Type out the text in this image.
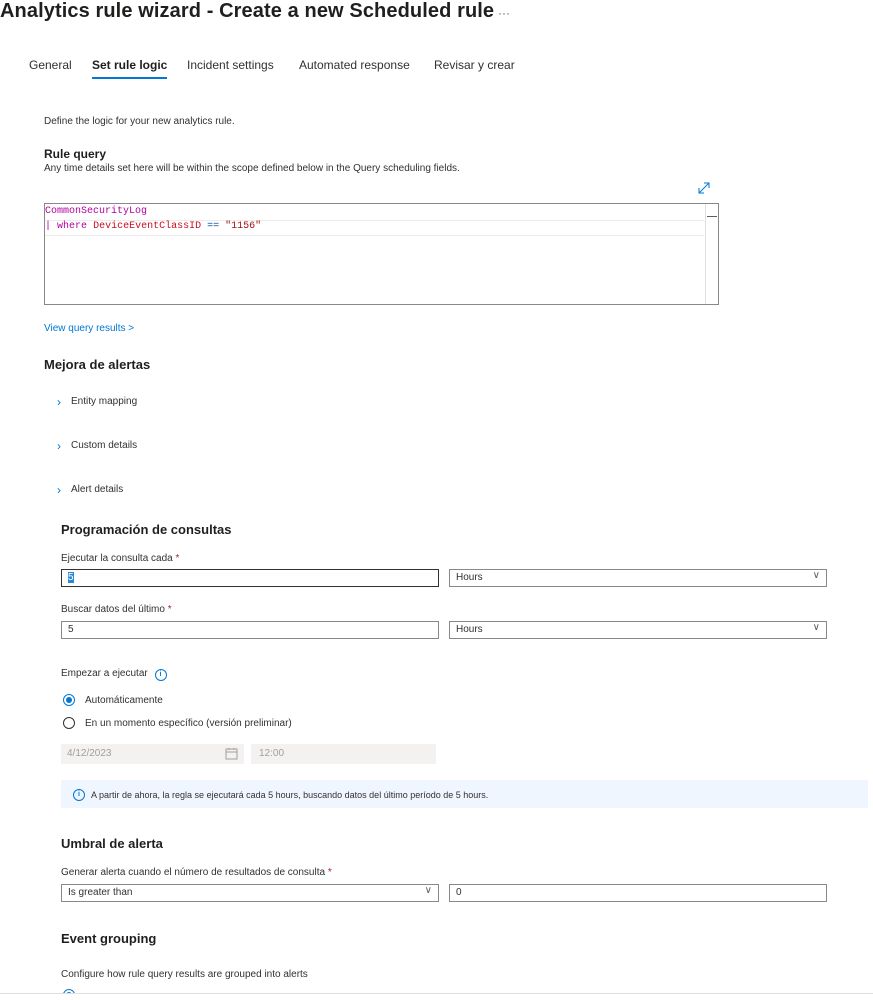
Analytics rule wizard - Create a new Scheduled rule ···
General Set rule logic Incident settings Automated response Revisar y crear
Define the logic for your new analytics rule.
Rule query
Any time details set here will be within the scope defined below in the Query scheduling fields.
CommonSecurityLog
| where DeviceEventClassID == "1156"
View query results >
Mejora de alertas
› Entity mapping
› Custom details
› Alert details
Programación de consultas
Ejecutar la consulta cada *
5	Hours	∨
Buscar datos del último *
5	Hours	∨
Empezar a ejecutar i
Automáticamente
En un momento específico (versión preliminar)
4/12/2023	12:00
i	A partir de ahora, la regla se ejecutará cada 5 hours, buscando datos del último período de 5 hours.
Umbral de alerta
Generar alerta cuando el número de resultados de consulta *
Is greater than	∨	0
Event grouping
Configure how rule query results are grouped into alerts
